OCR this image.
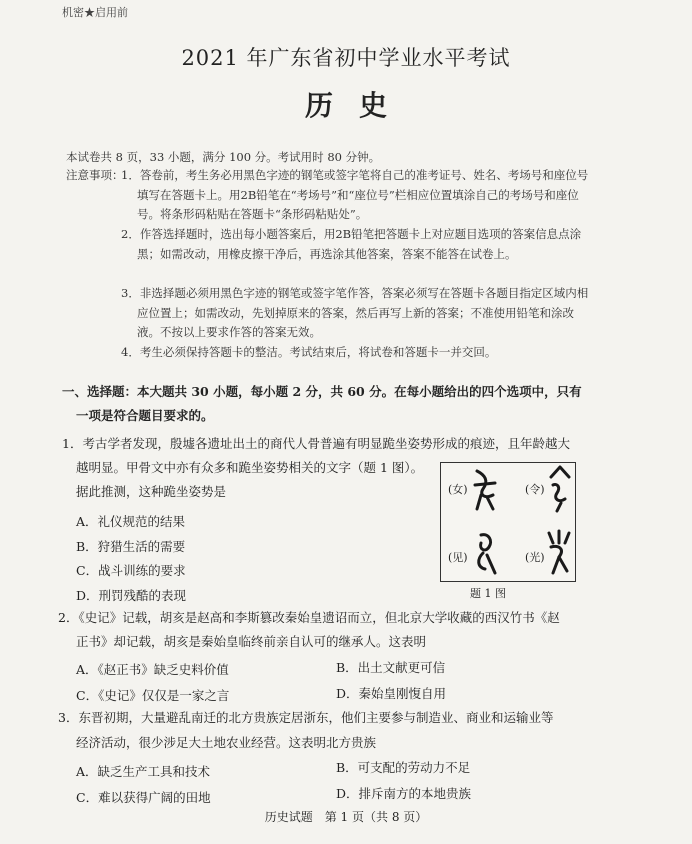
机密★启用前
2021 年广东省初中学业水平考试
历史
本试卷共 8 页，33 小题，满分 100 分。考试用时 80 分钟。
注意事项：
1．答卷前，考生务必用黑色字迹的钢笔或签字笔将自己的准考证号、姓名、考场号和座位号填写在答题卡上。用2B铅笔在“考场号”和“座位号”栏相应位置填涂自己的考场号和座位号。将条形码粘贴在答题卡“条形码粘贴处”。
2．作答选择题时，选出每小题答案后，用2B铅笔把答题卡上对应题目选项的答案信息点涂黑；如需改动，用橡皮擦干净后，再选涂其他答案，答案不能答在试卷上。
3．非选择题必须用黑色字迹的钢笔或签字笔作答，答案必须写在答题卡各题目指定区域内相应位置上；如需改动，先划掉原来的答案，然后再写上新的答案；不准使用铅笔和涂改液。不按以上要求作答的答案无效。
4．考生必须保持答题卡的整洁。考试结束后，将试卷和答题卡一并交回。
一、选择题：本大题共 30 小题，每小题 2 分，共 60 分。在每小题给出的四个选项中，只有
一项是符合题目要求的。
1．考古学者发现，殷墟各遗址出土的商代人骨普遍有明显跪坐姿势形成的痕迹，且年龄越大
越明显。甲骨文中亦有众多和跪坐姿势相关的文字（题 1 图）。
据此推测，这种跪坐姿势是
A．礼仪规范的结果
B．狩猎生活的需要
C．战斗训练的要求
D．刑罚残酷的表现
(女)	(令)
(见)	(光)
题 1 图
2．《史记》记载，胡亥是赵高和李斯篡改秦始皇遗诏而立，但北京大学收藏的西汉竹书《赵
正书》却记载，胡亥是秦始皇临终前亲自认可的继承人。这表明
A．《赵正书》缺乏史料价值	B．出土文献更可信
C．《史记》仅仅是一家之言	D．秦始皇刚愎自用
3．东晋初期，大量避乱南迁的北方贵族定居浙东，他们主要参与制造业、商业和运输业等
经济活动，很少涉足大土地农业经营。这表明北方贵族
A．缺乏生产工具和技术	B．可支配的劳动力不足
C．难以获得广阔的田地	D．排斥南方的本地贵族
历史试题　第 1 页（共 8 页）
